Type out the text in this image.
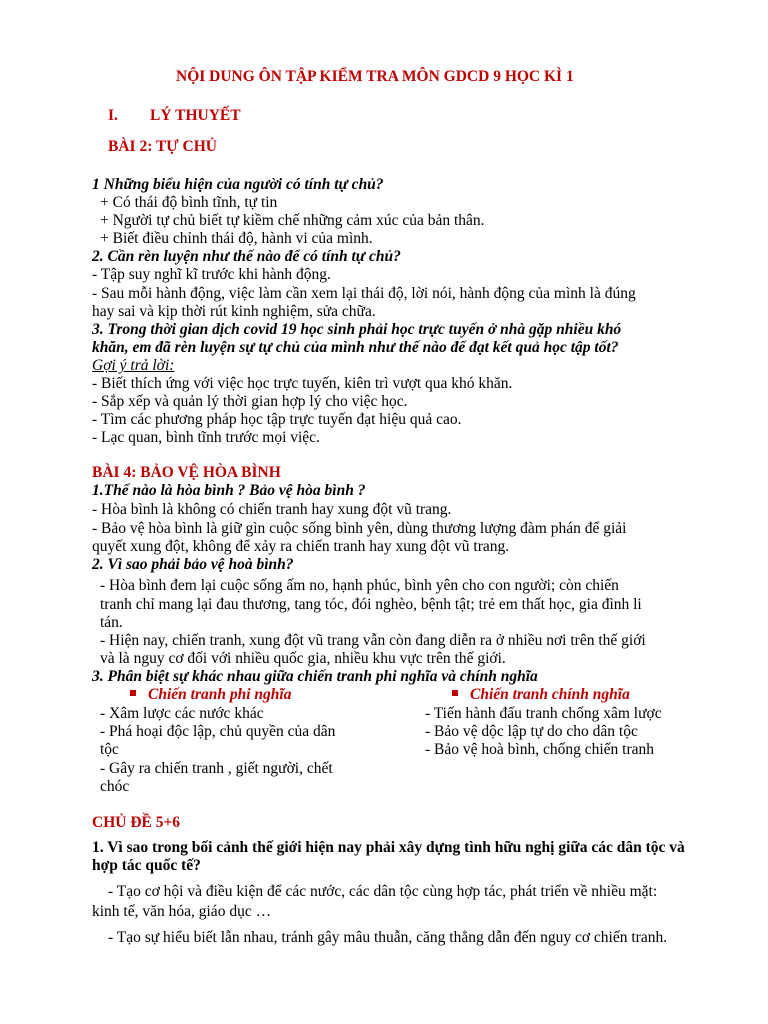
NỘI DUNG ÔN TẬP KIỂM TRA MÔN GDCD 9 HỌC KÌ 1
I. LÝ THUYẾT
BÀI 2: TỰ CHỦ
1 Những biểu hiện của người có tính tự chủ?
+ Có thái độ bình tĩnh, tự tin
+ Người tự chủ biết tự kiềm chế những cảm xúc của bản thân.
+ Biết điều chỉnh thái độ, hành vi của mình.
2. Cần rèn luyện như thế nào để có tính tự chủ?
- Tập suy nghĩ kĩ trước khi hành động.
- Sau mỗi hành động, việc làm cần xem lại thái độ, lời nói, hành động của mình là đúng
hay sai và kịp thời rút kinh nghiệm, sửa chữa.
3. Trong thời gian dịch covid 19 học sinh phải học trực tuyến ở nhà gặp nhiều khó
khăn, em đã rèn luyện sự tự chủ của mình như thế nào để đạt kết quả học tập tốt?
Gợi ý trả lời:
- Biết thích ứng với việc học trực tuyến, kiên trì vượt qua khó khăn.
- Sắp xếp và quản lý thời gian hợp lý cho việc học.
- Tìm các phương pháp học tập trực tuyến đạt hiệu quả cao.
- Lạc quan, bình tĩnh trước mọi việc.
BÀI 4: BẢO VỆ HÒA BÌNH
1.Thế nào là hòa bình ? Bảo vệ hòa bình ?
- Hòa bình là không có chiến tranh hay xung đột vũ trang.
- Bảo vệ hòa bình là giữ gìn cuộc sống bình yên, dùng thương lượng đàm phán để giải
quyết xung đột, không để xảy ra chiến tranh hay xung đột vũ trang.
2. Vì sao phải bảo vệ hoà bình?
- Hòa bình đem lại cuộc sống ấm no, hạnh phúc, bình yên cho con người; còn chiến
tranh chỉ mang lại đau thương, tang tóc, đói nghèo, bệnh tật; trẻ em thất học, gia đình li
tán.
- Hiện nay, chiến tranh, xung đột vũ trang vẫn còn đang diễn ra ở nhiều nơi trên thế giới
và là nguy cơ đối với nhiều quốc gia, nhiều khu vực trên thế giới.
3. Phân biệt sự khác nhau giữa chiến tranh phi nghĩa và chính nghĩa
Chiến tranh phi nghĩa
- Xâm lược các nước khác
- Phá hoại độc lập, chủ quyền của dân
tộc
- Gây ra chiến tranh , giết người, chết
chóc
Chiến tranh chính nghĩa
- Tiến hành đấu tranh chống xâm lược
- Bảo vệ dộc lập tự do cho dân tộc
- Bảo vệ hoà bình, chống chiến tranh
CHỦ ĐỀ 5+6
1. Vì sao trong bối cảnh thế giới hiện nay phải xây dựng tình hữu nghị giữa các dân tộc và
hợp tác quốc tế?
- Tạo cơ hội và điều kiện để các nước, các dân tộc cùng hợp tác, phát triển về nhiều mặt:
kinh tế, văn hóa, giáo dục …
- Tạo sự hiểu biết lẫn nhau, tránh gây mâu thuẫn, căng thẳng dẫn đến nguy cơ chiến tranh.
